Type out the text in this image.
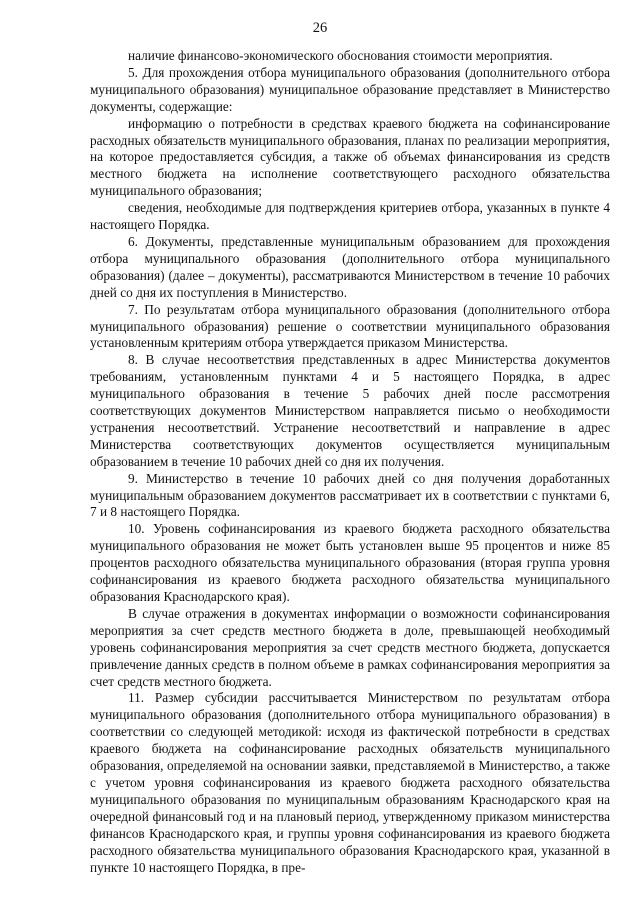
26

наличие финансово-экономического обоснования стоимости мероприятия.

5. Для прохождения отбора муниципального образования (дополнительного отбора муниципального образования) муниципальное образование представляет в Министерство документы, содержащие:

информацию о потребности в средствах краевого бюджета на софинансирование расходных обязательств муниципального образования, планах по реализации мероприятия, на которое предоставляется субсидия, а также об объемах финансирования из средств местного бюджета на исполнение соответствующего расходного обязательства муниципального образования;

сведения, необходимые для подтверждения критериев отбора, указанных в пункте 4 настоящего Порядка.

6. Документы, представленные муниципальным образованием для прохождения отбора муниципального образования (дополнительного отбора муниципального образования) (далее – документы), рассматриваются Министерством в течение 10 рабочих дней со дня их поступления в Министерство.

7. По результатам отбора муниципального образования (дополнительного отбора муниципального образования) решение о соответствии муниципального образования установленным критериям отбора утверждается приказом Министерства.

8. В случае несоответствия представленных в адрес Министерства документов требованиям, установленным пунктами 4 и 5 настоящего Порядка, в адрес муниципального образования в течение 5 рабочих дней после рассмотрения соответствующих документов Министерством направляется письмо о необходимости устранения несоответствий. Устранение несоответствий и направление в адрес Министерства соответствующих документов осуществляется муниципальным образованием в течение 10 рабочих дней со дня их получения.

9. Министерство в течение 10 рабочих дней со дня получения доработанных муниципальным образованием документов рассматривает их в соответствии с пунктами 6, 7 и 8 настоящего Порядка.

10. Уровень софинансирования из краевого бюджета расходного обязательства муниципального образования не может быть установлен выше 95 процентов и ниже 85 процентов расходного обязательства муниципального образования (вторая группа уровня софинансирования из краевого бюджета расходного обязательства муниципального образования Краснодарского края).

В случае отражения в документах информации о возможности софинансирования мероприятия за счет средств местного бюджета в доле, превышающей необходимый уровень софинансирования мероприятия за счет средств местного бюджета, допускается привлечение данных средств в полном объеме в рамках софинансирования мероприятия за счет средств местного бюджета.

11. Размер субсидии рассчитывается Министерством по результатам отбора муниципального образования (дополнительного отбора муниципального образования) в соответствии со следующей методикой: исходя из фактической потребности в средствах краевого бюджета на софинансирование расходных обязательств муниципального образования, определяемой на основании заявки, представляемой в Министерство, а также с учетом уровня софинансирования из краевого бюджета расходного обязательства муниципального образования по муниципальным образованиям Краснодарского края на очередной финансовый год и на плановый период, утвержденному приказом министерства финансов Краснодарского края, и группы уровня софинансирования из краевого бюджета расходного обязательства муниципального образования Краснодарского края, указанной в пункте 10 настоящего Порядка, в пре-
